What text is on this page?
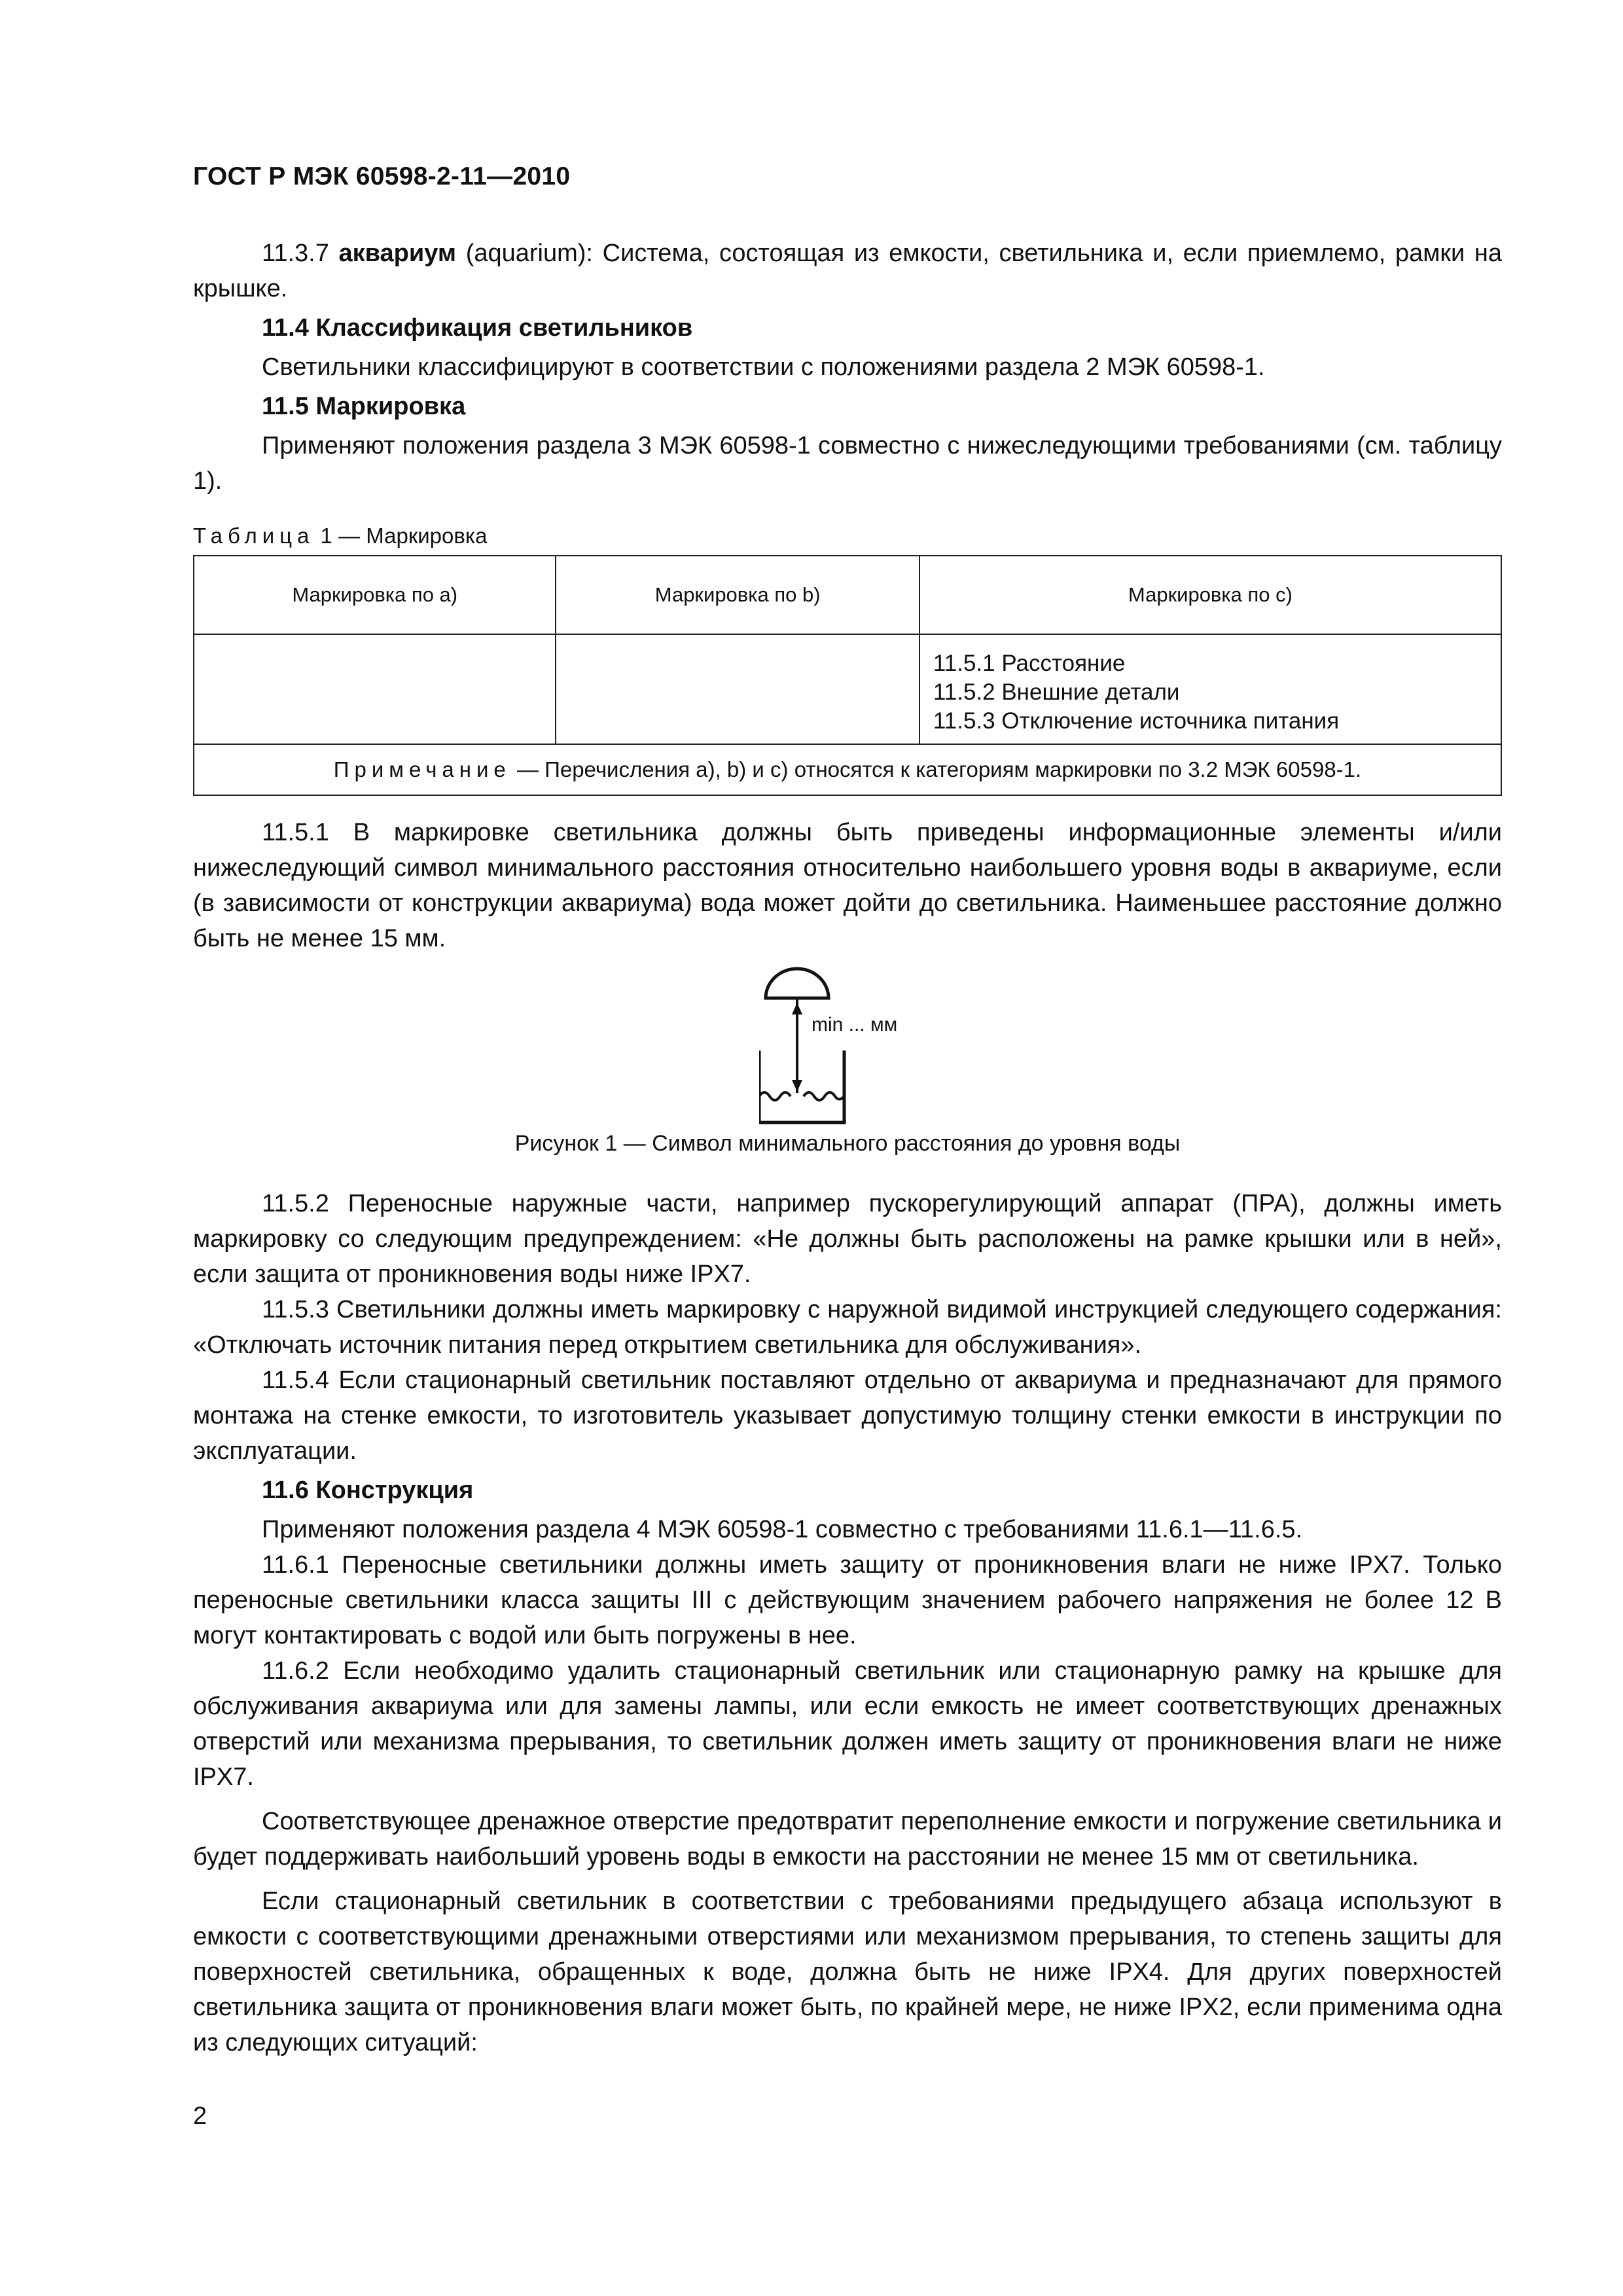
ГОСТ Р МЭК 60598-2-11—2010

11.3.7 аквариум (aquarium): Система, состоящая из емкости, светильника и, если приемлемо, рамки на крышке.

11.4 Классификация светильников

Светильники классифицируют в соответствии с положениями раздела 2 МЭК 60598-1.

11.5 Маркировка

Применяют положения раздела 3 МЭК 60598-1 совместно с нижеследующими требованиями (см. таблицу 1).

Таблица 1 — Маркировка
Маркировка по а)	Маркировка по b)	Маркировка по с)

		11.5.1 Расстояние
11.5.2 Внешние детали
11.5.3 Отключение источника питания

Примечание — Перечисления а), b) и с) относятся к категориям маркировки по 3.2 МЭК 60598-1.		

11.5.1 В маркировке светильника должны быть приведены информационные элементы и/или нижеследующий символ минимального расстояния относительно наибольшего уровня воды в аквариуме, если (в зависимости от конструкции аквариума) вода может дойти до светильника. Наименьшее расстояние должно быть не менее 15 мм.

min ... мм
Рисунок 1 — Символ минимального расстояния до уровня воды

11.5.2 Переносные наружные части, например пускорегулирующий аппарат (ПРА), должны иметь маркировку со следующим предупреждением: «Не должны быть расположены на рамке крышки или в ней», если защита от проникновения воды ниже IPX7.

11.5.3 Светильники должны иметь маркировку с наружной видимой инструкцией следующего содержания: «Отключать источник питания перед открытием светильника для обслуживания».

11.5.4 Если стационарный светильник поставляют отдельно от аквариума и предназначают для прямого монтажа на стенке емкости, то изготовитель указывает допустимую толщину стенки емкости в инструкции по эксплуатации.

11.6 Конструкция

Применяют положения раздела 4 МЭК 60598-1 совместно с требованиями 11.6.1—11.6.5.

11.6.1 Переносные светильники должны иметь защиту от проникновения влаги не ниже IPX7. Только переносные светильники класса защиты III с действующим значением рабочего напряжения не более 12 В могут контактировать с водой или быть погружены в нее.

11.6.2 Если необходимо удалить стационарный светильник или стационарную рамку на крышке для обслуживания аквариума или для замены лампы, или если емкость не имеет соответствующих дренажных отверстий или механизма прерывания, то светильник должен иметь защиту от проникновения влаги не ниже IPX7.

Соответствующее дренажное отверстие предотвратит переполнение емкости и погружение светильника и будет поддерживать наибольший уровень воды в емкости на расстоянии не менее 15 мм от светильника.

Если стационарный светильник в соответствии с требованиями предыдущего абзаца используют в емкости с соответствующими дренажными отверстиями или механизмом прерывания, то степень защиты для поверхностей светильника, обращенных к воде, должна быть не ниже IPX4. Для других поверхностей светильника защита от проникновения влаги может быть, по крайней мере, не ниже IPX2, если применима одна из следующих ситуаций:

2
